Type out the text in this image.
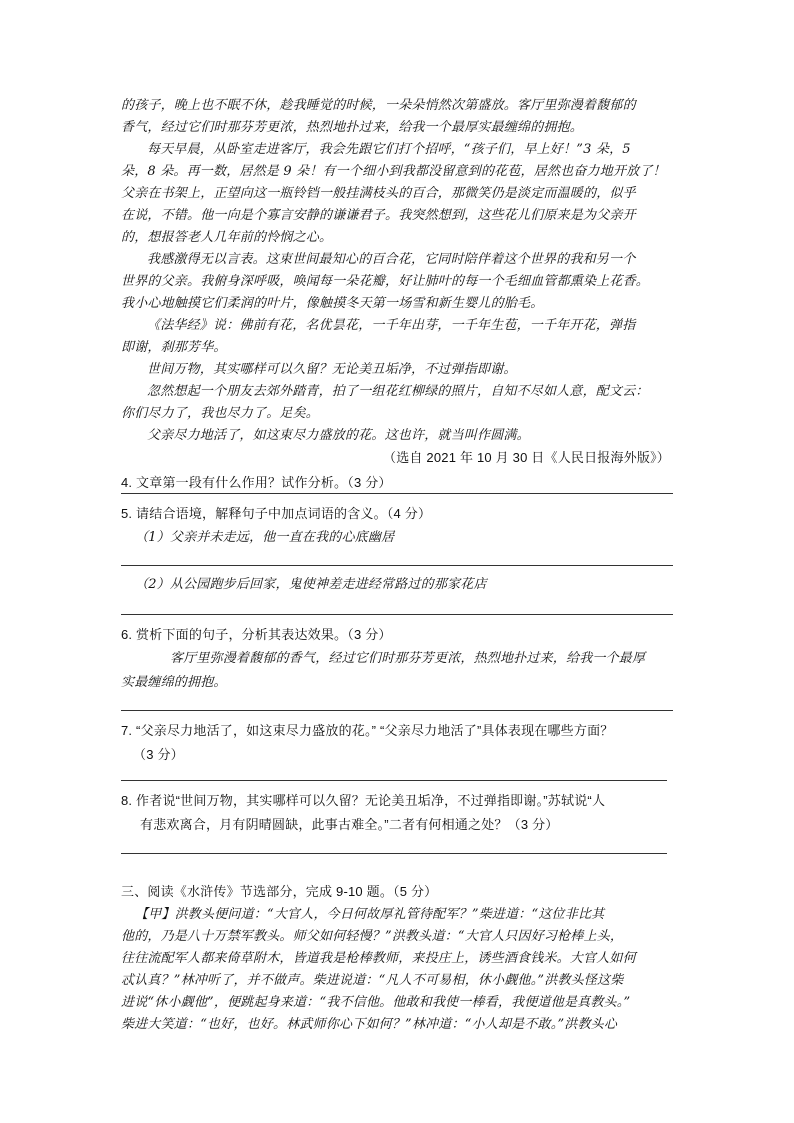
的孩子，晚上也不眠不休，趁我睡觉的时候，一朵朵悄然次第盛放。客厅里弥漫着馥郁的
香气，经过它们时那芬芳更浓，热烈地扑过来，给我一个最厚实最缠绵的拥抱。
每天早晨，从卧室走进客厅，我会先跟它们打个招呼，“孩子们，早上好！”3 朵，5
朵，8 朵。再一数，居然是 9 朵！有一个细小到我都没留意到的花苞，居然也奋力地开放了！
父亲在书架上，正望向这一瓶铃铛一般挂满枝头的百合，那微笑仍是淡定而温暖的，似乎
在说，不错。他一向是个寡言安静的谦谦君子。我突然想到，这些花儿们原来是为父亲开
的，想报答老人几年前的怜悯之心。
我感激得无以言表。这束世间最知心的百合花，它同时陪伴着这个世界的我和另一个
世界的父亲。我俯身深呼吸，唤闻每一朵花瓣，好让肺叶的每一个毛细血管都熏染上花香。
我小心地触摸它们柔润的叶片，像触摸冬天第一场雪和新生婴儿的胎毛。
《法华经》说：佛前有花，名优昙花，一千年出芽，一千年生苞，一千年开花，弹指
即谢，刹那芳华。
世间万物，其实哪样可以久留？无论美丑垢净，不过弹指即谢。
忽然想起一个朋友去郊外踏青，拍了一组花红柳绿的照片，自知不尽如人意，配文云：
你们尽力了，我也尽力了。足矣。
父亲尽力地活了，如这束尽力盛放的花。这也许，就当叫作圆满。
（选自 2021 年 10 月 30 日《人民日报海外版》）
4. 文章第一段有什么作用？试作分析。（3 分）
5. 请结合语境，解释句子中加点词语的含义。（4 分）
（1）父亲并未走远，他一直在我的心底幽居
（2）从公园跑步后回家，鬼使神差走进经常路过的那家花店
6. 赏析下面的句子，分析其表达效果。（3 分）
客厅里弥漫着馥郁的香气，经过它们时那芬芳更浓，热烈地扑过来，给我一个最厚
实最缠绵的拥抱。
7. “父亲尽力地活了，如这束尽力盛放的花。” “父亲尽力地活了”具体表现在哪些方面？
（3 分）
8. 作者说“世间万物，其实哪样可以久留？无论美丑垢净，不过弹指即谢。”苏轼说“人
有悲欢离合，月有阴晴圆缺，此事古难全。”二者有何相通之处？（3 分）
三、阅读《水浒传》节选部分，完成 9-10 题。（5 分）
【甲】洪教头便问道：“大官人，今日何故厚礼管待配军？”柴进道：“这位非比其
他的，乃是八十万禁军教头。师父如何轻慢？”洪教头道：“大官人只因好习枪棒上头，
往往流配军人都来倚草附木，皆道我是枪棒教师，来投庄上，诱些酒食钱米。大官人如何
忒认真？”林冲听了，并不做声。柴进说道：“凡人不可易相，休小觑他。”洪教头怪这柴
进说“休小觑他”，便跳起身来道：“我不信他。他敢和我使一棒看，我便道他是真教头。”
柴进大笑道：“也好，也好。林武师你心下如何？”林冲道：“小人却是不敢。”洪教头心
